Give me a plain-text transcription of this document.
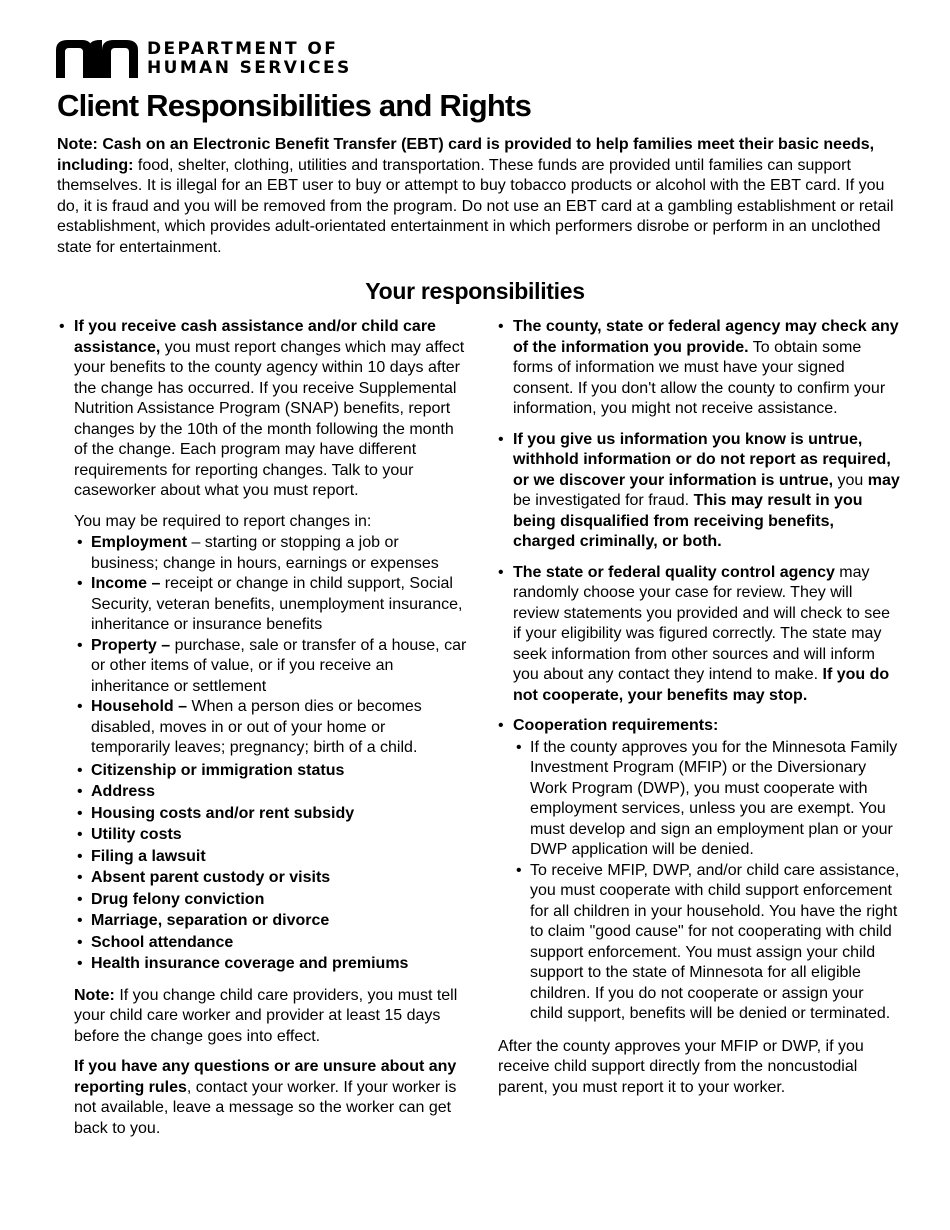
DEPARTMENT OF
HUMAN SERVICES
Client Responsibilities and Rights

Note: Cash on an Electronic Benefit Transfer (EBT) card is provided to help families meet their basic needs, including: food, shelter, clothing, utilities and transportation. These funds are provided until families can support themselves. It is illegal for an EBT user to buy or attempt to buy tobacco products or alcohol with the EBT card. If you do, it is fraud and you will be removed from the program. Do not use an EBT card at a gambling establishment or retail establishment, which provides adult-orientated entertainment in which performers disrobe or perform in an unclothed state for entertainment.

Your responsibilities
• If you receive cash assistance and/or child care assistance, you must report changes which may affect your benefits to the county agency within 10 days after the change has occurred. If you receive Supplemental Nutrition Assistance Program (SNAP) benefits, report changes by the 10th of the month following the month of the change. Each program may have different requirements for reporting changes. Talk to your caseworker about what you must report.
You may be required to report changes in:
• Employment – starting or stopping a job or business; change in hours, earnings or expenses
• Income – receipt or change in child support, Social Security, veteran benefits, unemployment insurance, inheritance or insurance benefits
• Property – purchase, sale or transfer of a house, car or other items of value, or if you receive an inheritance or settlement
• Household – When a person dies or becomes disabled, moves in or out of your home or temporarily leaves; pregnancy; birth of a child.
• Citizenship or immigration status
• Address
• Housing costs and/or rent subsidy
• Utility costs
• Filing a lawsuit
• Absent parent custody or visits
• Drug felony conviction
• Marriage, separation or divorce
• School attendance
• Health insurance coverage and premiums
Note: If you change child care providers, you must tell your child care worker and provider at least 15 days before the change goes into effect.
If you have any questions or are unsure about any reporting rules, contact your worker. If your worker is not available, leave a message so the worker can get back to you.
• The county, state or federal agency may check any of the information you provide. To obtain some forms of information we must have your signed consent. If you don't allow the county to confirm your information, you might not receive assistance.
• If you give us information you know is untrue, withhold information or do not report as required, or we discover your information is untrue, you may be investigated for fraud. This may result in you being disqualified from receiving benefits, charged criminally, or both.
• The state or federal quality control agency may randomly choose your case for review. They will review statements you provided and will check to see if your eligibility was figured correctly. The state may seek information from other sources and will inform you about any contact they intend to make. If you do not cooperate, your benefits may stop.
• Cooperation requirements:
• If the county approves you for the Minnesota Family Investment Program (MFIP) or the Diversionary Work Program (DWP), you must cooperate with employment services, unless you are exempt. You must develop and sign an employment plan or your DWP application will be denied.
• To receive MFIP, DWP, and/or child care assistance, you must cooperate with child support enforcement for all children in your household. You have the right to claim "good cause" for not cooperating with child support enforcement. You must assign your child support to the state of Minnesota for all eligible children. If you do not cooperate or assign your child support, benefits will be denied or terminated.
After the county approves your MFIP or DWP, if you receive child support directly from the noncustodial parent, you must report it to your worker.
